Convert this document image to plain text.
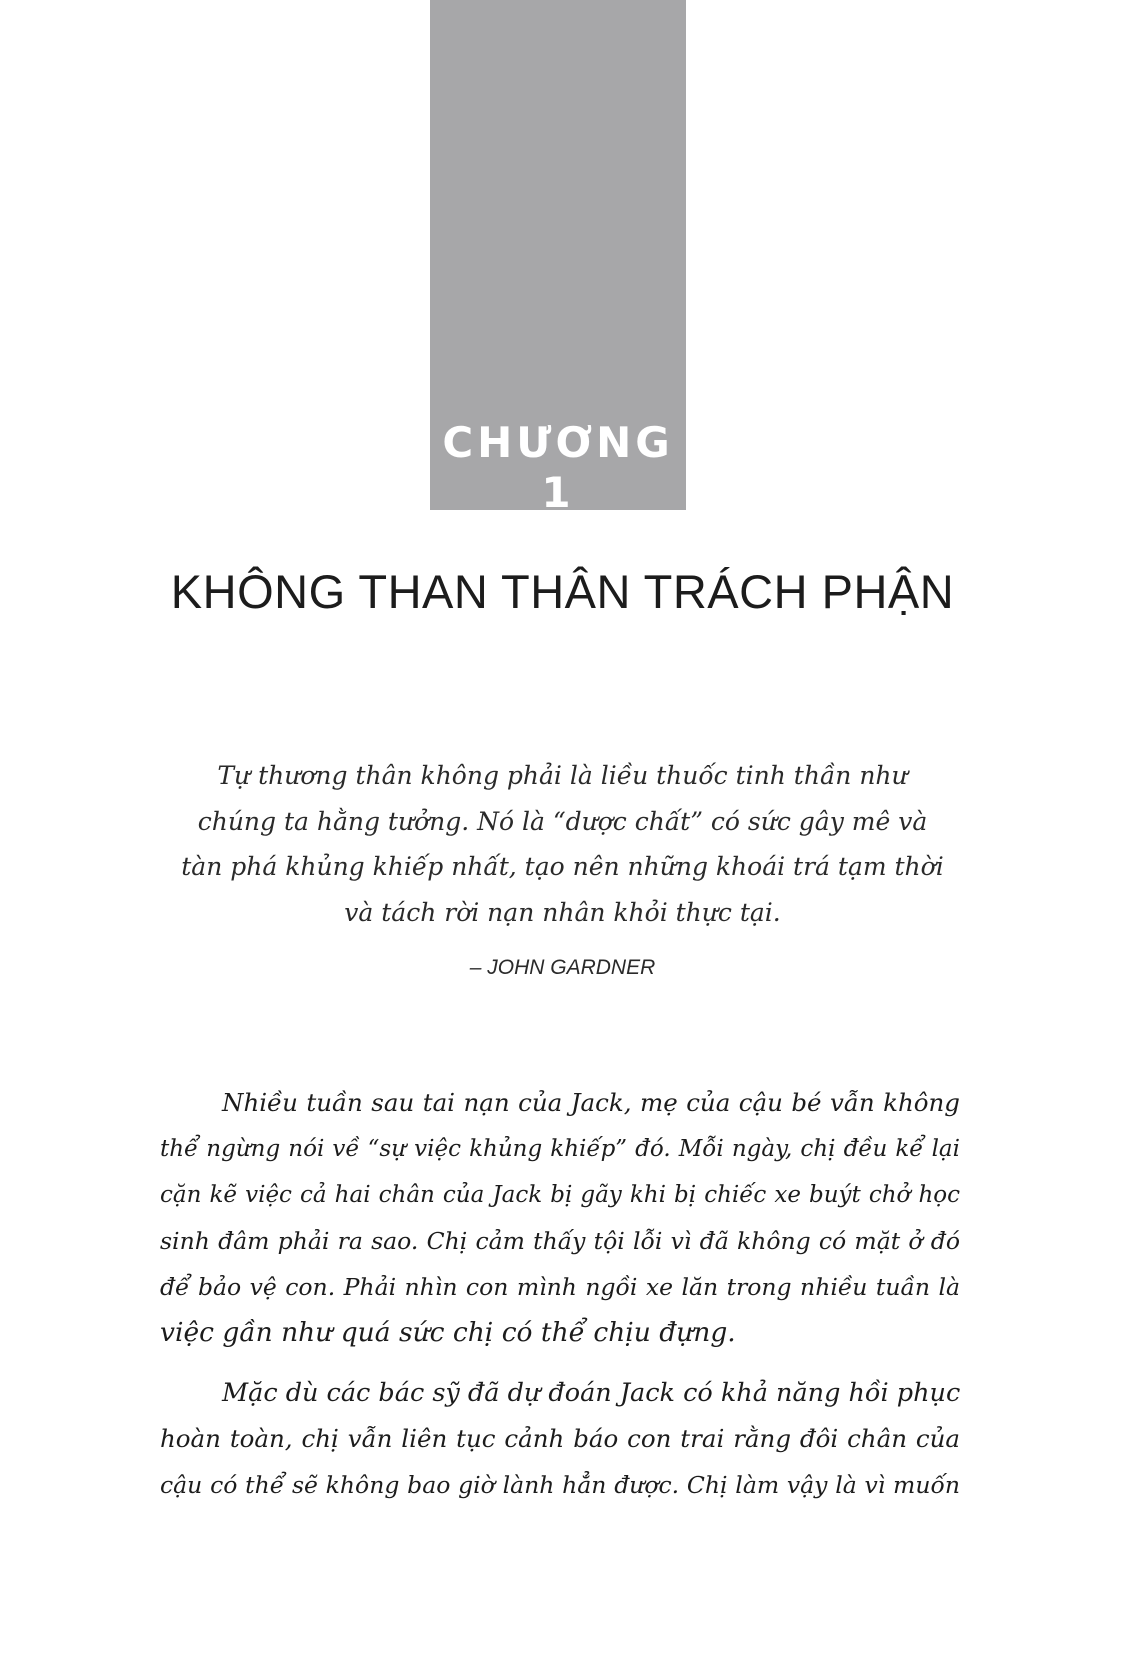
CHƯƠNG 1
KHÔNG THAN THÂN TRÁCH PHẬN
Tự thương thân không phải là liều thuốc tinh thần như
chúng ta hằng tưởng. Nó là “dược chất” có sức gây mê và
tàn phá khủng khiếp nhất, tạo nên những khoái trá tạm thời
và tách rời nạn nhân khỏi thực tại.
– JOHN GARDNER
Nhiều tuần sau tai nạn của Jack, mẹ của cậu bé vẫn không
thể ngừng nói về “sự việc khủng khiếp” đó. Mỗi ngày, chị đều kể lại
cặn kẽ việc cả hai chân của Jack bị gãy khi bị chiếc xe buýt chở học
sinh đâm phải ra sao. Chị cảm thấy tội lỗi vì đã không có mặt ở đó
để bảo vệ con. Phải nhìn con mình ngồi xe lăn trong nhiều tuần là
việc gần như quá sức chị có thể chịu đựng.
Mặc dù các bác sỹ đã dự đoán Jack có khả năng hồi phục
hoàn toàn, chị vẫn liên tục cảnh báo con trai rằng đôi chân của
cậu có thể sẽ không bao giờ lành hẳn được. Chị làm vậy là vì muốn
